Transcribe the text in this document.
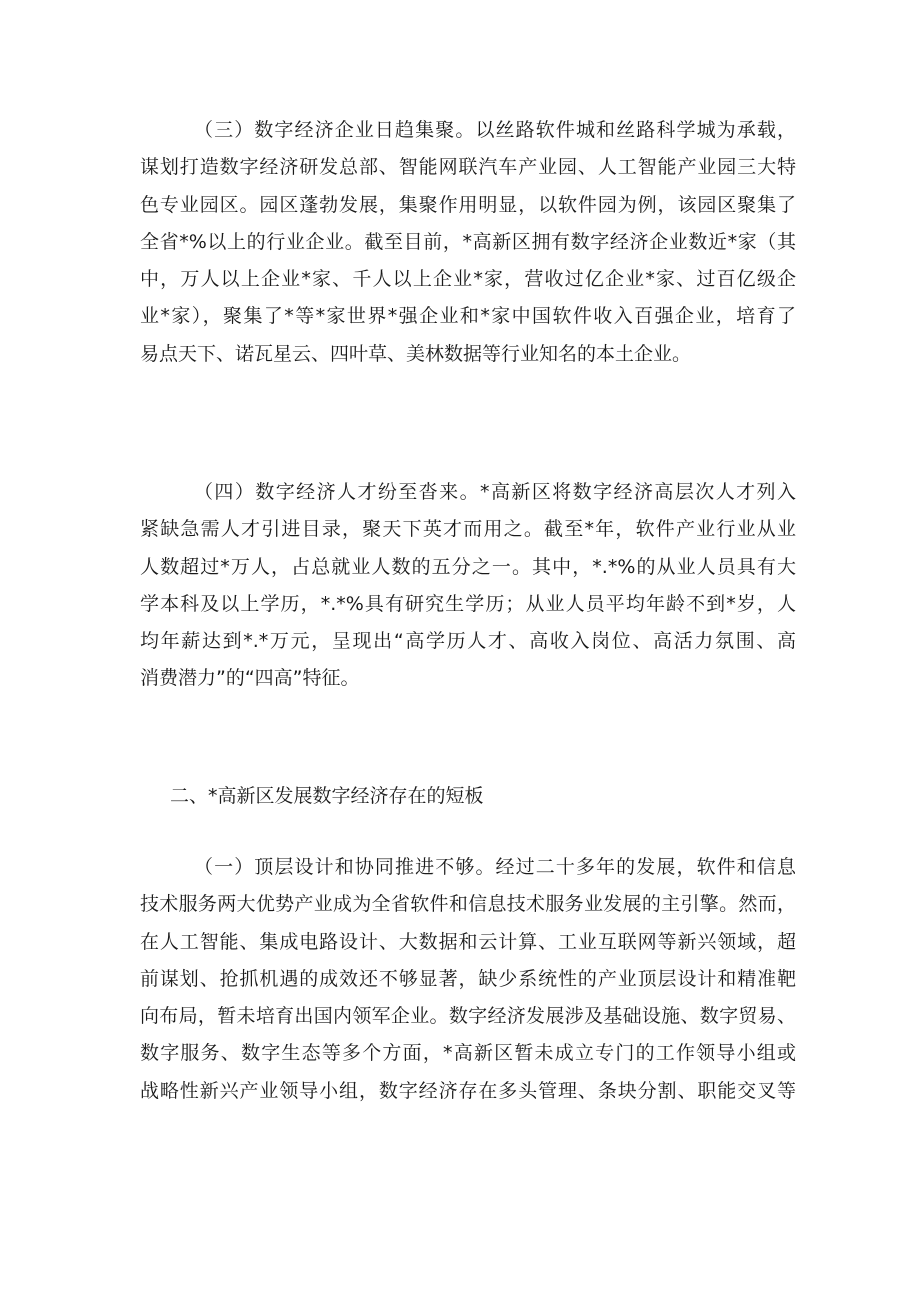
（三）数字经济企业日趋集聚。以丝路软件城和丝路科学城为承载，
谋划打造数字经济研发总部、智能网联汽车产业园、人工智能产业园三大特
色专业园区。园区蓬勃发展，集聚作用明显，以软件园为例，该园区聚集了
全省*%以上的行业企业。截至目前，*高新区拥有数字经济企业数近*家（其
中，万人以上企业*家、千人以上企业*家，营收过亿企业*家、过百亿级企
业*家），聚集了*等*家世界*强企业和*家中国软件收入百强企业，培育了
易点天下、诺瓦星云、四叶草、美林数据等行业知名的本土企业。
（四）数字经济人才纷至沓来。*高新区将数字经济高层次人才列入
紧缺急需人才引进目录，聚天下英才而用之。截至*年，软件产业行业从业
人数超过*万人，占总就业人数的五分之一。其中，*.*%的从业人员具有大
学本科及以上学历，*.*%具有研究生学历；从业人员平均年龄不到*岁，人
均年薪达到*.*万元，呈现出“高学历人才、高收入岗位、高活力氛围、高
消费潜力”的“四高”特征。
二、*高新区发展数字经济存在的短板
（一）顶层设计和协同推进不够。经过二十多年的发展，软件和信息
技术服务两大优势产业成为全省软件和信息技术服务业发展的主引擎。然而，
在人工智能、集成电路设计、大数据和云计算、工业互联网等新兴领域，超
前谋划、抢抓机遇的成效还不够显著，缺少系统性的产业顶层设计和精准靶
向布局，暂未培育出国内领军企业。数字经济发展涉及基础设施、数字贸易、
数字服务、数字生态等多个方面，*高新区暂未成立专门的工作领导小组或
战略性新兴产业领导小组，数字经济存在多头管理、条块分割、职能交叉等
